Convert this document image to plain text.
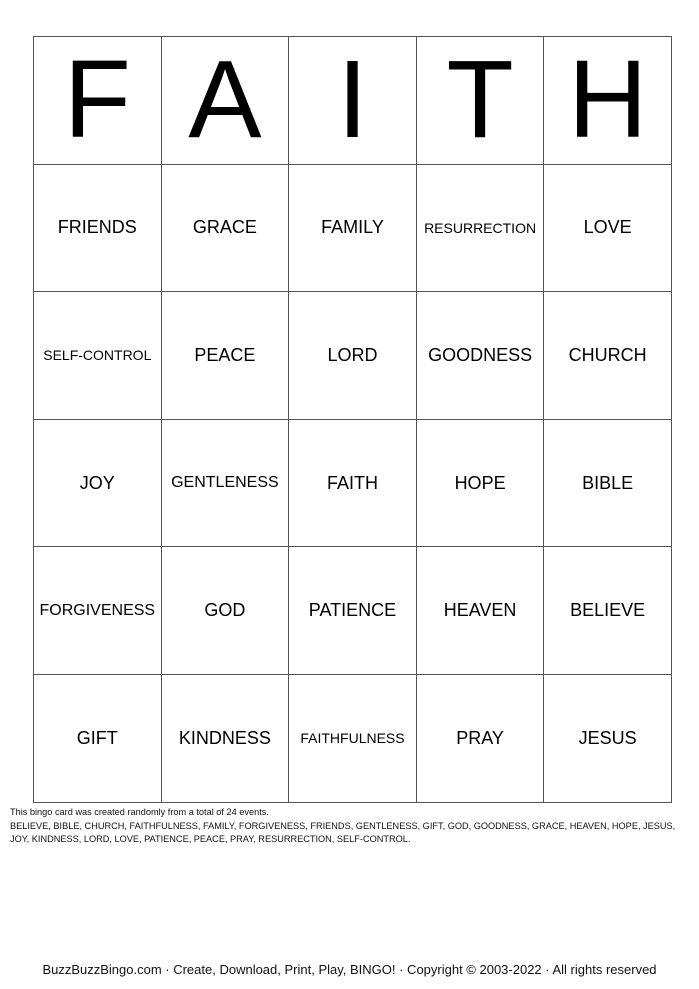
F	A	I	T	H
FRIENDS	GRACE	FAMILY	RESURRECTION	LOVE
SELF-CONTROL	PEACE	LORD	GOODNESS	CHURCH
JOY	GENTLENESS	FAITH	HOPE	BIBLE
FORGIVENESS	GOD	PATIENCE	HEAVEN	BELIEVE
GIFT	KINDNESS	FAITHFULNESS	PRAY	JESUS
This bingo card was created randomly from a total of 24 events.
BELIEVE, BIBLE, CHURCH, FAITHFULNESS, FAMILY, FORGIVENESS, FRIENDS, GENTLENESS, GIFT, GOD, GOODNESS, GRACE, HEAVEN, HOPE, JESUS, JOY, KINDNESS, LORD, LOVE, PATIENCE, PEACE, PRAY, RESURRECTION, SELF-CONTROL.
BuzzBuzzBingo.com · Create, Download, Print, Play, BINGO! · Copyright © 2003-2022 · All rights reserved
